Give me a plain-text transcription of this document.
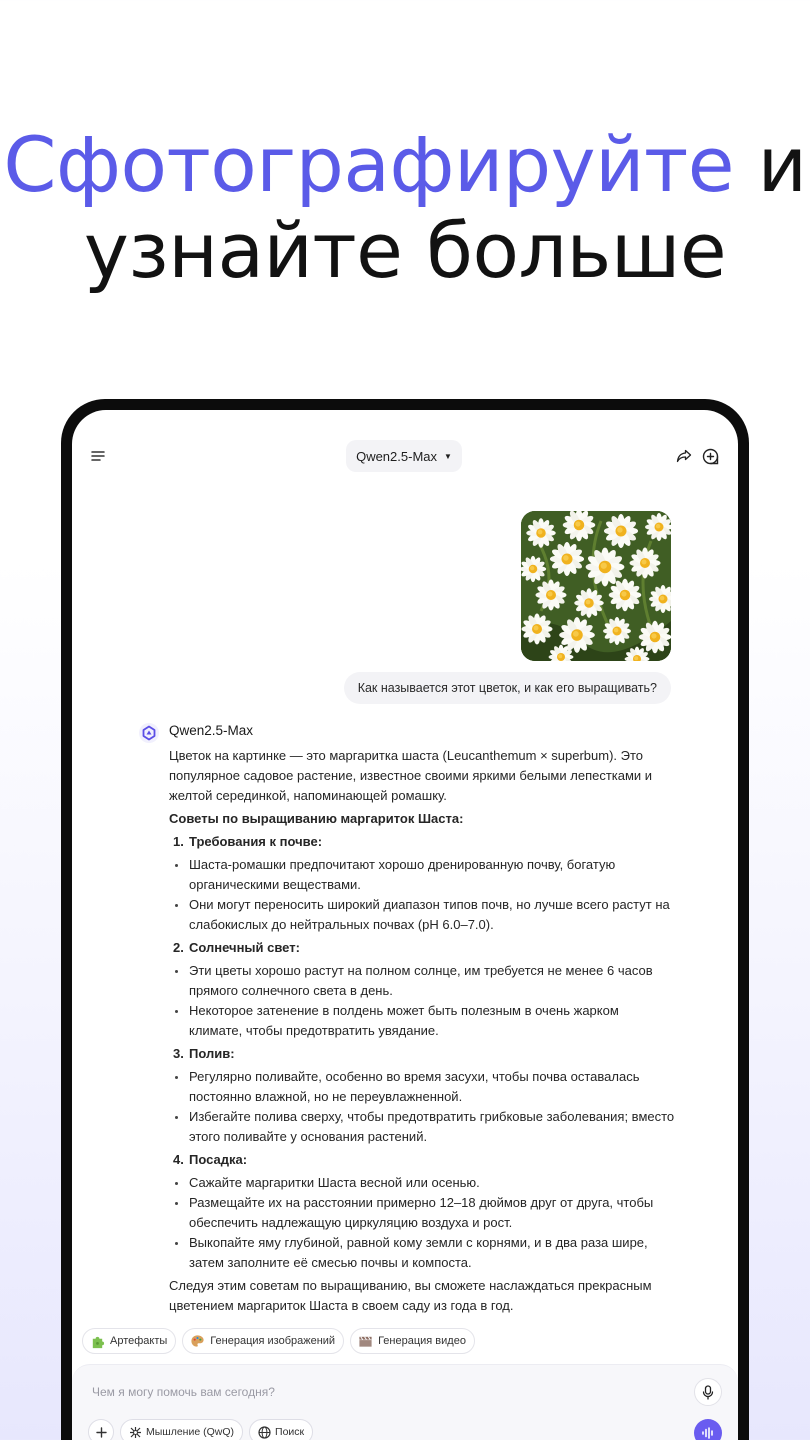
Сфотографируйте и
узнайте больше
Qwen2.5-Max ▼
Как называется этот цветок, и как его выращивать?
Qwen2.5-Max

Цветок на картинке — это маргаритка шаста (Leucanthemum × superbum). Это популярное садовое растение, известное своими яркими белыми лепестками и желтой серединкой, напоминающей ромашку.

Советы по выращиванию маргариток Шаста:

1. Требования к почве:
Шаста-ромашки предпочитают хорошо дренированную почву, богатую органическими веществами.
Они могут переносить широкий диапазон типов почв, но лучше всего растут на слабокислых до нейтральных почвах (pH 6.0–7.0).
2. Солнечный свет:
Эти цветы хорошо растут на полном солнце, им требуется не менее 6 часов прямого солнечного света в день.
Некоторое затенение в полдень может быть полезным в очень жарком климате, чтобы предотвратить увядание.
3. Полив:
Регулярно поливайте, особенно во время засухи, чтобы почва оставалась постоянно влажной, но не переувлажненной.
Избегайте полива сверху, чтобы предотвратить грибковые заболевания; вместо этого поливайте у основания растений.
4. Посадка:
Сажайте маргаритки Шаста весной или осенью.
Размещайте их на расстоянии примерно 12–18 дюймов друг от друга, чтобы обеспечить надлежащую циркуляцию воздуха и рост.
Выкопайте яму глубиной, равной кому земли с корнями, и в два раза шире, затем заполните её смесью почвы и компоста.

Следуя этим советам по выращиванию, вы сможете наслаждаться прекрасным цветением маргариток Шаста в своем саду из года в год.

Артефакты	Генерация изображений	Генерация видео
Чем я могу помочь вам сегодня?
Мышление (QwQ)	Поиск
